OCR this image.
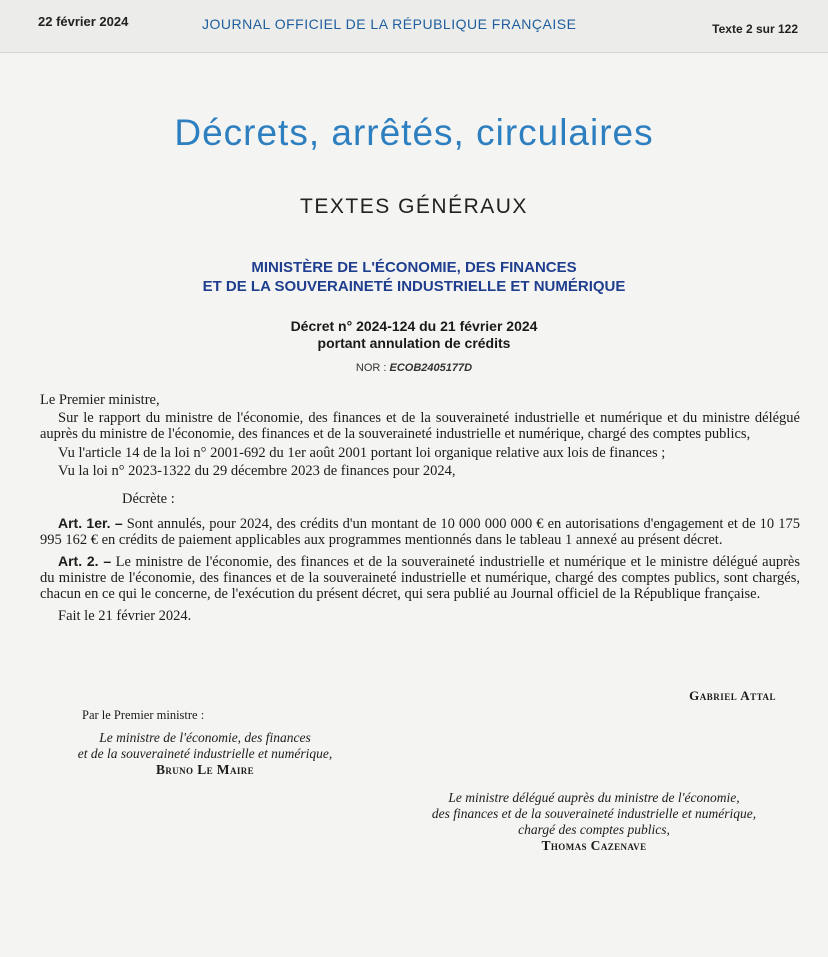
22 février 2024	JOURNAL OFFICIEL DE LA RÉPUBLIQUE FRANÇAISE	Texte 2 sur 122
Décrets, arrêtés, circulaires
TEXTES GÉNÉRAUX
MINISTÈRE DE L'ÉCONOMIE, DES FINANCES
ET DE LA SOUVERAINETÉ INDUSTRIELLE ET NUMÉRIQUE
Décret n° 2024-124 du 21 février 2024
portant annulation de crédits
NOR : ECOB2405177D

Le Premier ministre,

Sur le rapport du ministre de l'économie, des finances et de la souveraineté industrielle et numérique et du ministre délégué auprès du ministre de l'économie, des finances et de la souveraineté industrielle et numérique, chargé des comptes publics,

Vu l'article 14 de la loi n° 2001-692 du 1er août 2001 portant loi organique relative aux lois de finances ;

Vu la loi n° 2023-1322 du 29 décembre 2023 de finances pour 2024,

Décrète :

Art. 1er. – Sont annulés, pour 2024, des crédits d'un montant de 10 000 000 000 € en autorisations d'engagement et de 10 175 995 162 € en crédits de paiement applicables aux programmes mentionnés dans le tableau 1 annexé au présent décret.

Art. 2. – Le ministre de l'économie, des finances et de la souveraineté industrielle et numérique et le ministre délégué auprès du ministre de l'économie, des finances et de la souveraineté industrielle et numérique, chargé des comptes publics, sont chargés, chacun en ce qui le concerne, de l'exécution du présent décret, qui sera publié au Journal officiel de la République française.

Fait le 21 février 2024.

Gabriel Attal
Par le Premier ministre :
Le ministre de l'économie, des finances
et de la souveraineté industrielle et numérique,
Bruno Le Maire
Le ministre délégué auprès du ministre de l'économie,
des finances et de la souveraineté industrielle et numérique,
chargé des comptes publics,
Thomas Cazenave
